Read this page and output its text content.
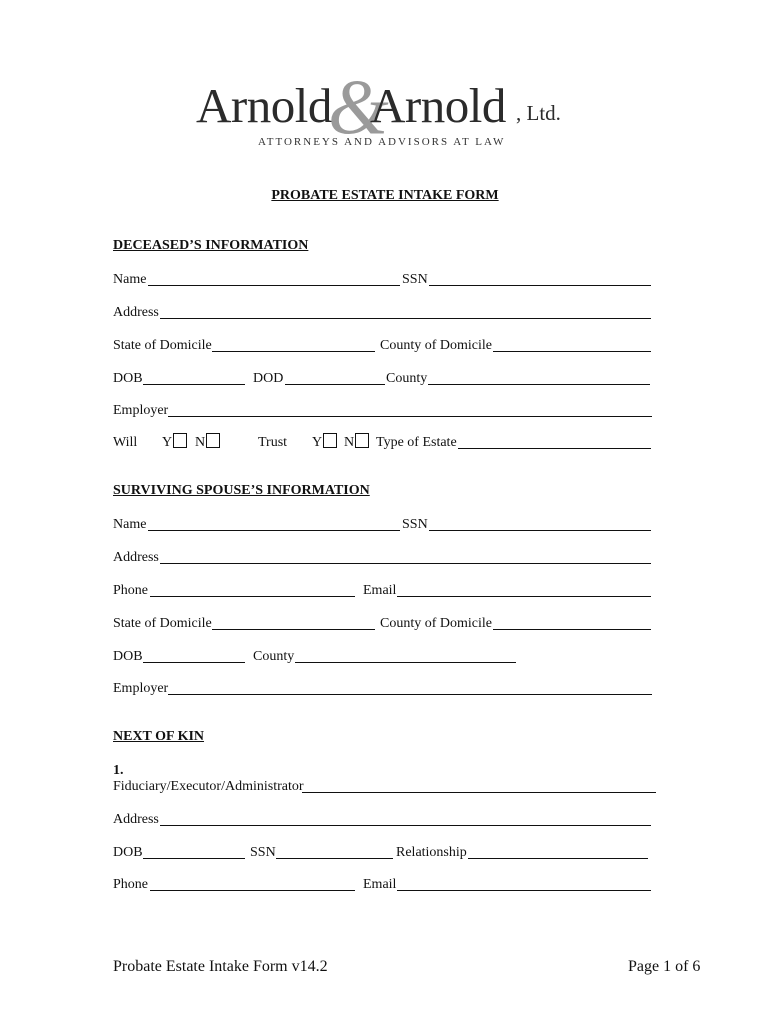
Arnold
&
Arnold , Ltd.
ATTORNEYS AND ADVISORS AT LAW
PROBATE ESTATE INTAKE FORM
DECEASED’S INFORMATION
Name	SSN
Address
State of Domicile	County of Domicile
DOB	DOD	County
Employer
Will Y	N	Trust Y	N	Type of Estate
SURVIVING SPOUSE’S INFORMATION
Name	SSN
Address
Phone	Email
State of Domicile	County of Domicile
DOB	County
Employer
NEXT OF KIN
1.
Fiduciary/Executor/Administrator
Address
DOB	SSN	Relationship
Phone	Email
Probate Estate Intake Form v14.2	Page 1 of 6
